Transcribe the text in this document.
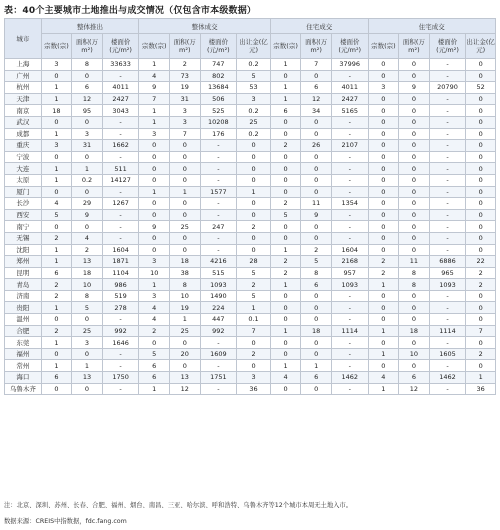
表：40个主要城市土地推出与成交情况（仅包含市本级数据）
城市	整体推出			整体成交				住宅成交			住宅成交			
	宗数(宗)	面积(万m²)	楼面价(元/m²)	宗数(宗)	面积(万m²)	楼面价(元/m²)	出让金(亿元)	宗数(宗)	面积(万m²)	楼面价(元/m²)	宗数(宗)	面积(万m²)	楼面价(元/m²)	出让金(亿元)
上海	3	8	33633	1	2	747	0.2	1	7	37996	0	0	-	0
广州	0	0	-	4	73	802	5	0	0	-	0	0	-	0
杭州	1	6	4011	9	19	13684	53	1	6	4011	3	9	20790	52
天津	1	12	2427	7	31	506	3	1	12	2427	0	0	-	0
南京	18	95	3043	1	3	525	0.2	6	34	5165	0	0	-	0
武汉	0	0	-	1	3	10208	25	0	0	-	0	0	-	0
成都	1	3	-	3	7	176	0.2	0	0	-	0	0	-	0
重庆	3	31	1662	0	0	-	0	2	26	2107	0	0	-	0
宁波	0	0	-	0	0	-	0	0	0	-	0	0	-	0
大连	1	1	511	0	0	-	0	0	0	-	0	0	-	0
太原	1	0.2	14127	0	0	-	0	0	0	-	0	0	-	0
厦门	0	0	-	1	1	1577	1	0	0	-	0	0	-	0
长沙	4	29	1267	0	0	-	0	2	11	1354	0	0	-	0
西安	5	9	-	0	0	-	0	5	9	-	0	0	-	0
南宁	0	0	-	9	25	247	2	0	0	-	0	0	-	0
无锡	2	4	-	0	0	-	0	0	0	-	0	0	-	0
沈阳	1	2	1604	0	0	-	0	1	2	1604	0	0	-	0
郑州	1	13	1871	3	18	4216	28	2	5	2168	2	11	6886	22
昆明	6	18	1104	10	38	515	5	2	8	957	2	8	965	2
青岛	2	10	986	1	8	1093	2	1	6	1093	1	8	1093	2
济南	2	8	519	3	10	1490	5	0	0	-	0	0	-	0
贵阳	1	5	278	4	19	224	1	0	0	-	0	0	-	0
温州	0	0	-	4	1	447	0.1	0	0	-	0	0	-	0
合肥	2	25	992	2	25	992	7	1	18	1114	1	18	1114	7
东莞	1	3	1646	0	0	-	0	0	0	-	0	0	-	0
福州	0	0	-	5	20	1609	2	0	0	-	1	10	1605	2
常州	1	1	-	6	0	-	0	1	1	-	0	0	-	0
海口	6	13	1750	6	13	1751	3	4	6	1462	4	6	1462	1
乌鲁木齐	0	0	-	1	12	-	36	0	0	-	1	12	-	36
注：北京、深圳、苏州、长春、合肥、福州、烟台、南昌、三亚、哈尔滨、呼和浩特、乌鲁木齐等12个城市本周无土地入市。
数据来源：CREIS中指数据，fdc.fang.com
